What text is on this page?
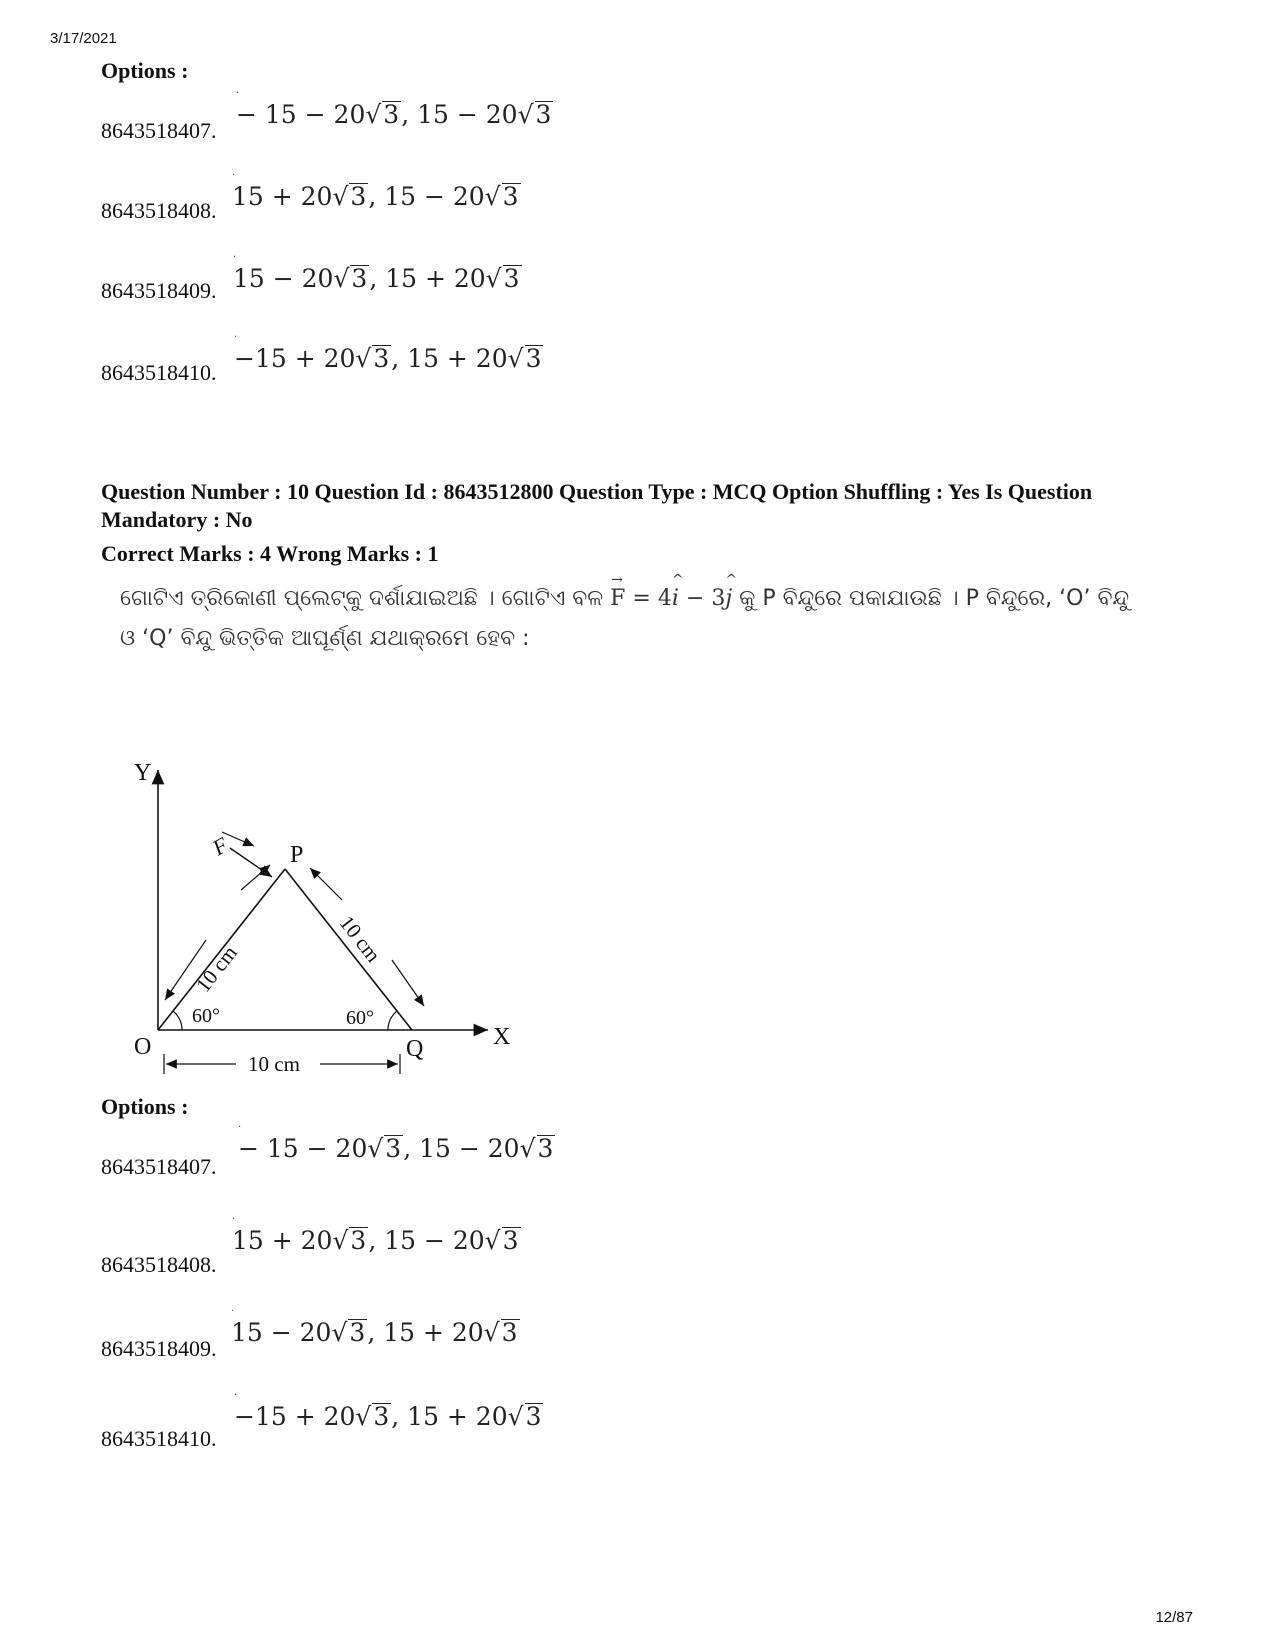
3/17/2021
Options :
8643518407.
·
− 15 − 20√3, 15 − 20√3
8643518408.
·
15 + 20√3, 15 − 20√3
8643518409.
·
15 − 20√3, 15 + 20√3
8643518410.
·
−15 + 20√3, 15 + 20√3
Question Number : 10 Question Id : 8643512800 Question Type : MCQ Option Shuffling : Yes Is Question Mandatory : No
Correct Marks : 4 Wrong Marks : 1
ଗୋଟିଏ ତ୍ରିକୋଣୀ ପ୍ଲେଟ୍‌କୁ ଦର୍ଶାଯାଇଅଛି । ଗୋଟିଏ ବଳ
→
F = 4
^
i − 3
^
j କୁ P ବିନ୍ଦୁରେ ପକାଯାଉଛି । P ବିନ୍ଦୁରେ, ‘O’ ବିନ୍ଦୁ
ଓ ‘Q’ ବିନ୍ଦୁ ଭିତ୍ତିକ ଆଘୂର୍ଣ୍ଣ ଯଥାକ୍ରମେ ହେବ :
Y
X
O
P
Q
F
10 cm
10 cm
10 cm
60°	60°
Options :
8643518407.
·
− 15 − 20√3, 15 − 20√3
8643518408.
·
15 + 20√3, 15 − 20√3
8643518409.
·
15 − 20√3, 15 + 20√3
8643518410.
·
−15 + 20√3, 15 + 20√3
12/87
